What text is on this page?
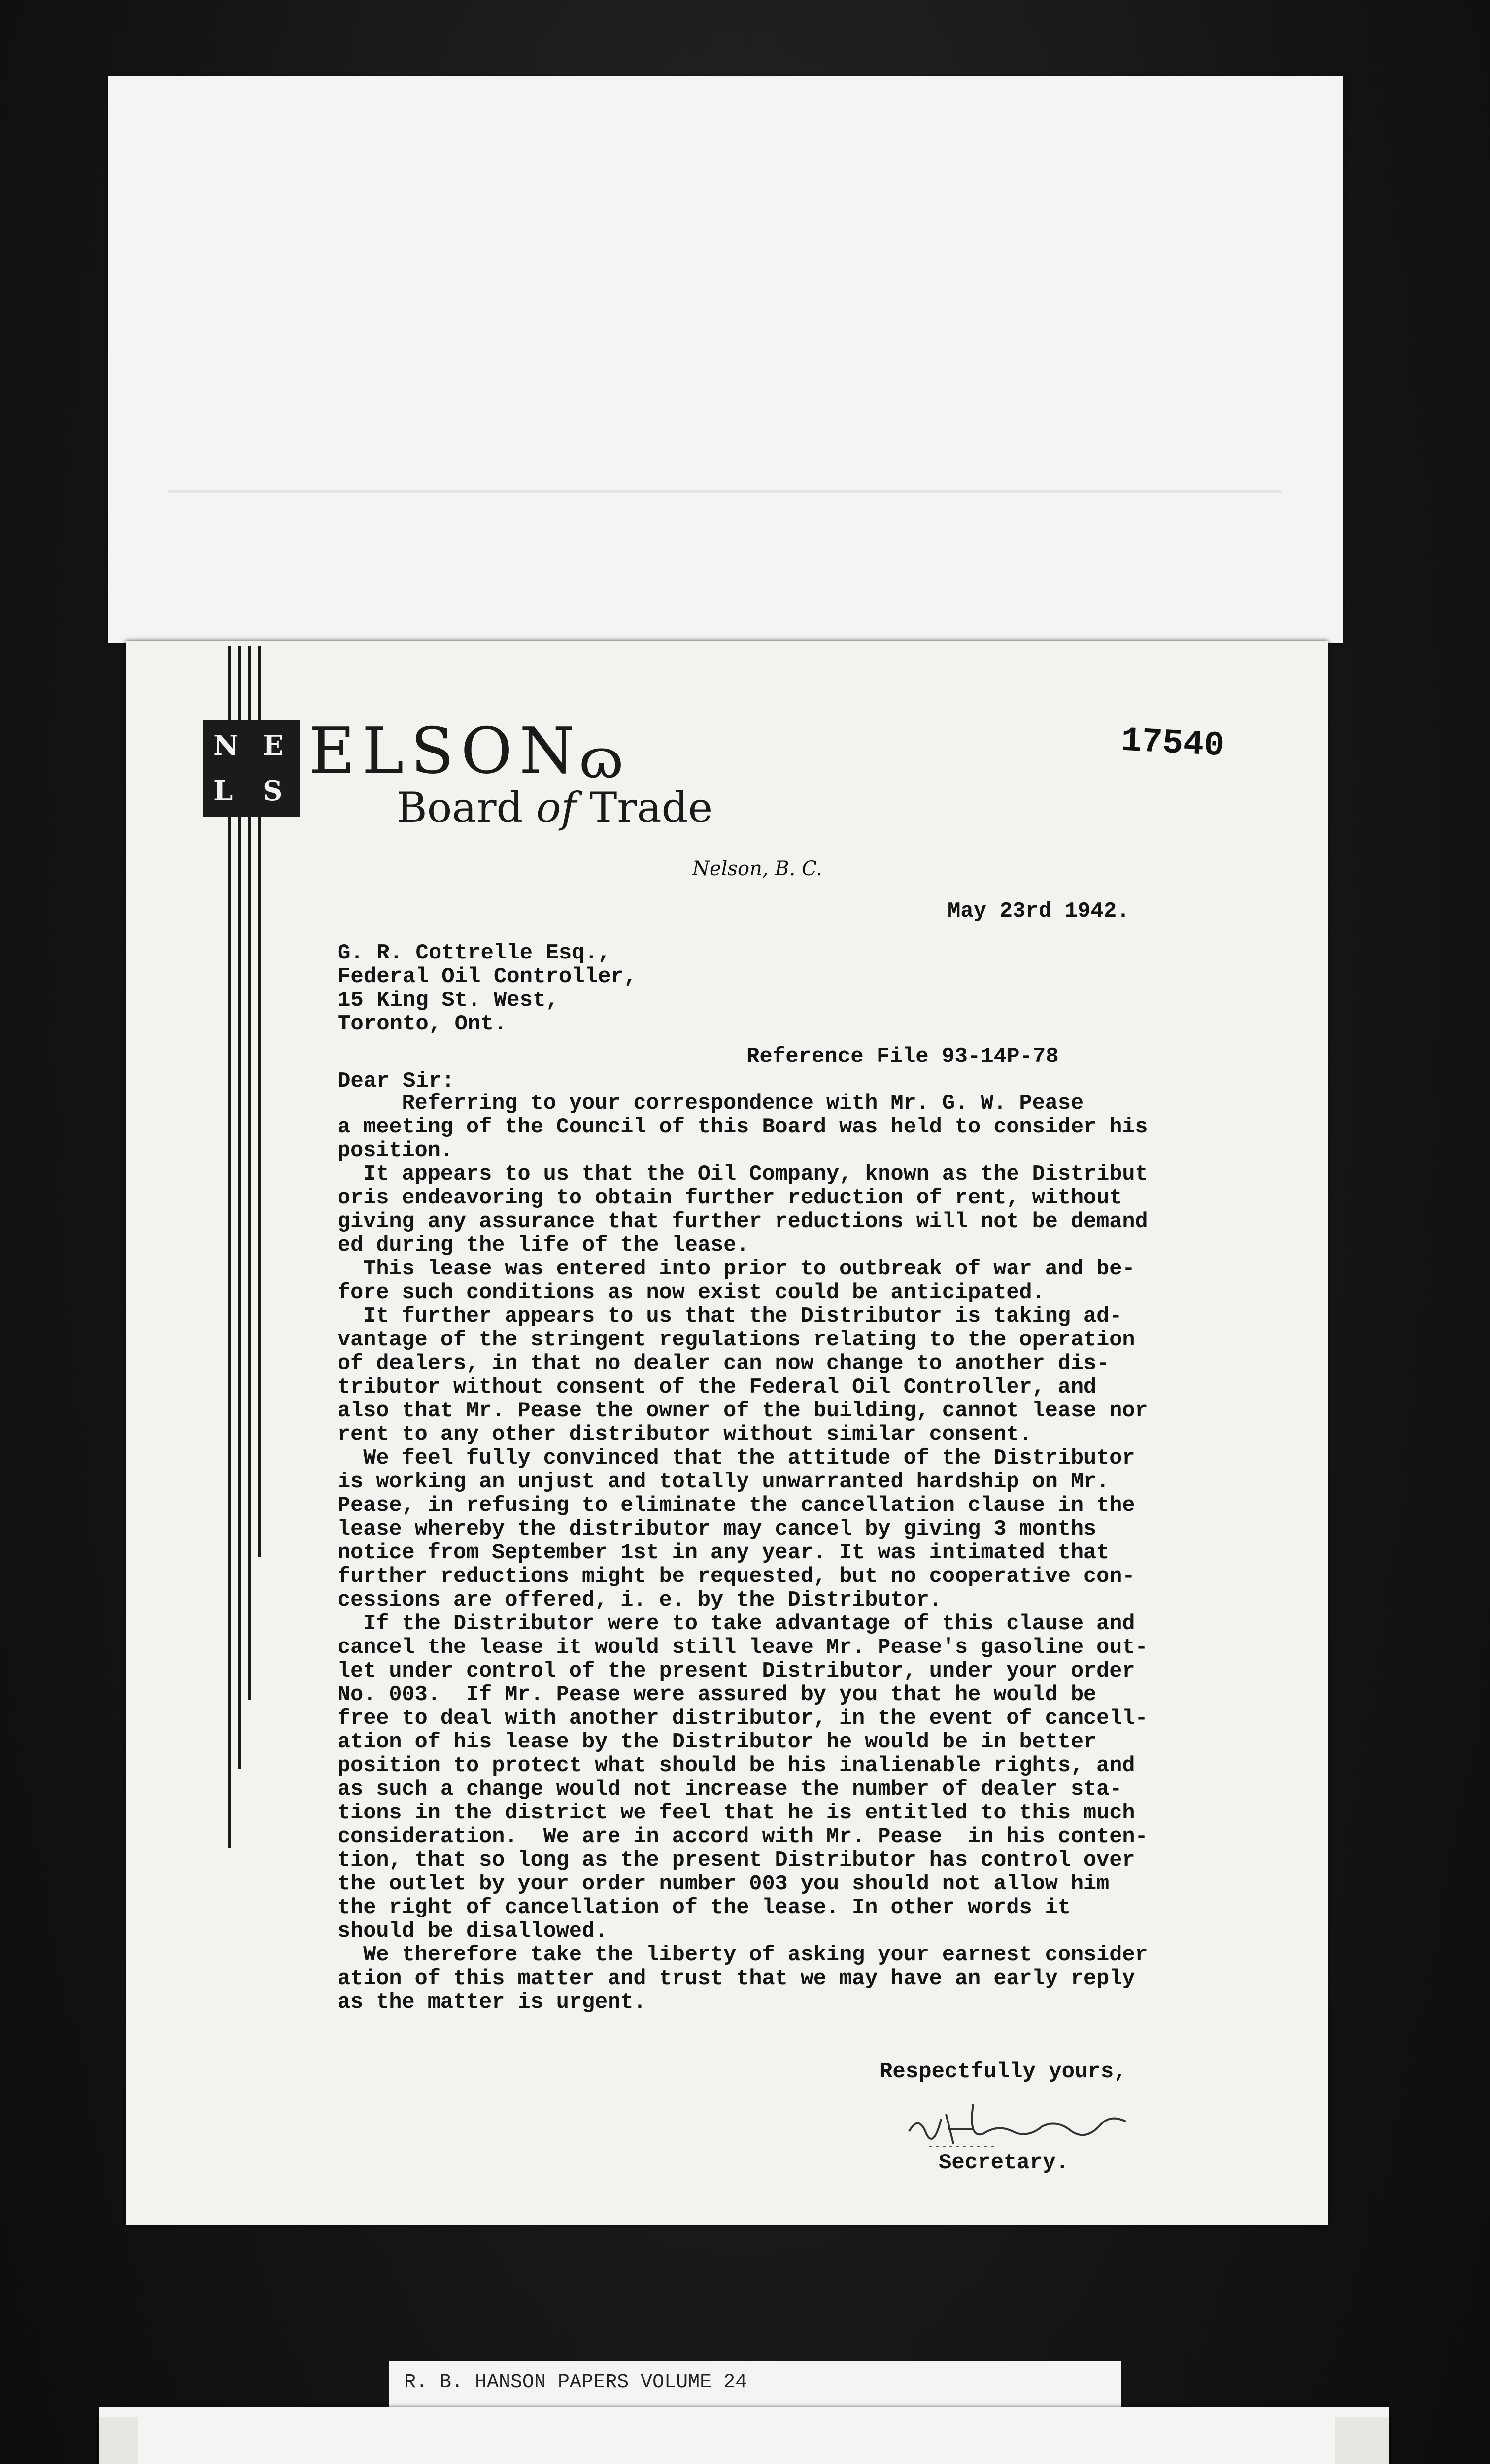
N E
L S
ELSON
ɷ
Board of Trade
Nelson, B. C.
17540
May 23rd 1942.
G. R. Cottrelle Esq.,
Federal Oil Controller,
15 King St. West,
Toronto, Ont.
Reference File 93-14P-78
Dear Sir:
Referring to your correspondence with Mr. G. W. Pease
a meeting of the Council of this Board was held to consider his
position.
It appears to us that the Oil Company, known as the Distribut
oris endeavoring to obtain further reduction of rent, without
giving any assurance that further reductions will not be demand
ed during the life of the lease.
This lease was entered into prior to outbreak of war and be-
fore such conditions as now exist could be anticipated.
It further appears to us that the Distributor is taking ad-
vantage of the stringent regulations relating to the operation
of dealers, in that no dealer can now change to another dis-
tributor without consent of the Federal Oil Controller, and
also that Mr. Pease the owner of the building, cannot lease nor
rent to any other distributor without similar consent.
We feel fully convinced that the attitude of the Distributor
is working an unjust and totally unwarranted hardship on Mr.
Pease, in refusing to eliminate the cancellation clause in the
lease whereby the distributor may cancel by giving 3 months
notice from September 1st in any year. It was intimated that
further reductions might be requested, but no cooperative con-
cessions are offered, i. e. by the Distributor.
If the Distributor were to take advantage of this clause and
cancel the lease it would still leave Mr. Pease's gasoline out-
let under control of the present Distributor, under your order
No. 003.  If Mr. Pease were assured by you that he would be
free to deal with another distributor, in the event of cancell-
ation of his lease by the Distributor he would be in better
position to protect what should be his inalienable rights, and
as such a change would not increase the number of dealer sta-
tions in the district we feel that he is entitled to this much
consideration.  We are in accord with Mr. Pease  in his conten-
tion, that so long as the present Distributor has control over
the outlet by your order number 003 you should not allow him
the right of cancellation of the lease. In other words it
should be disallowed.
We therefore take the liberty of asking your earnest consider
ation of this matter and trust that we may have an early reply
as the matter is urgent.
Respectfully yours,
Secretary.
R. B. HANSON PAPERS VOLUME 24
